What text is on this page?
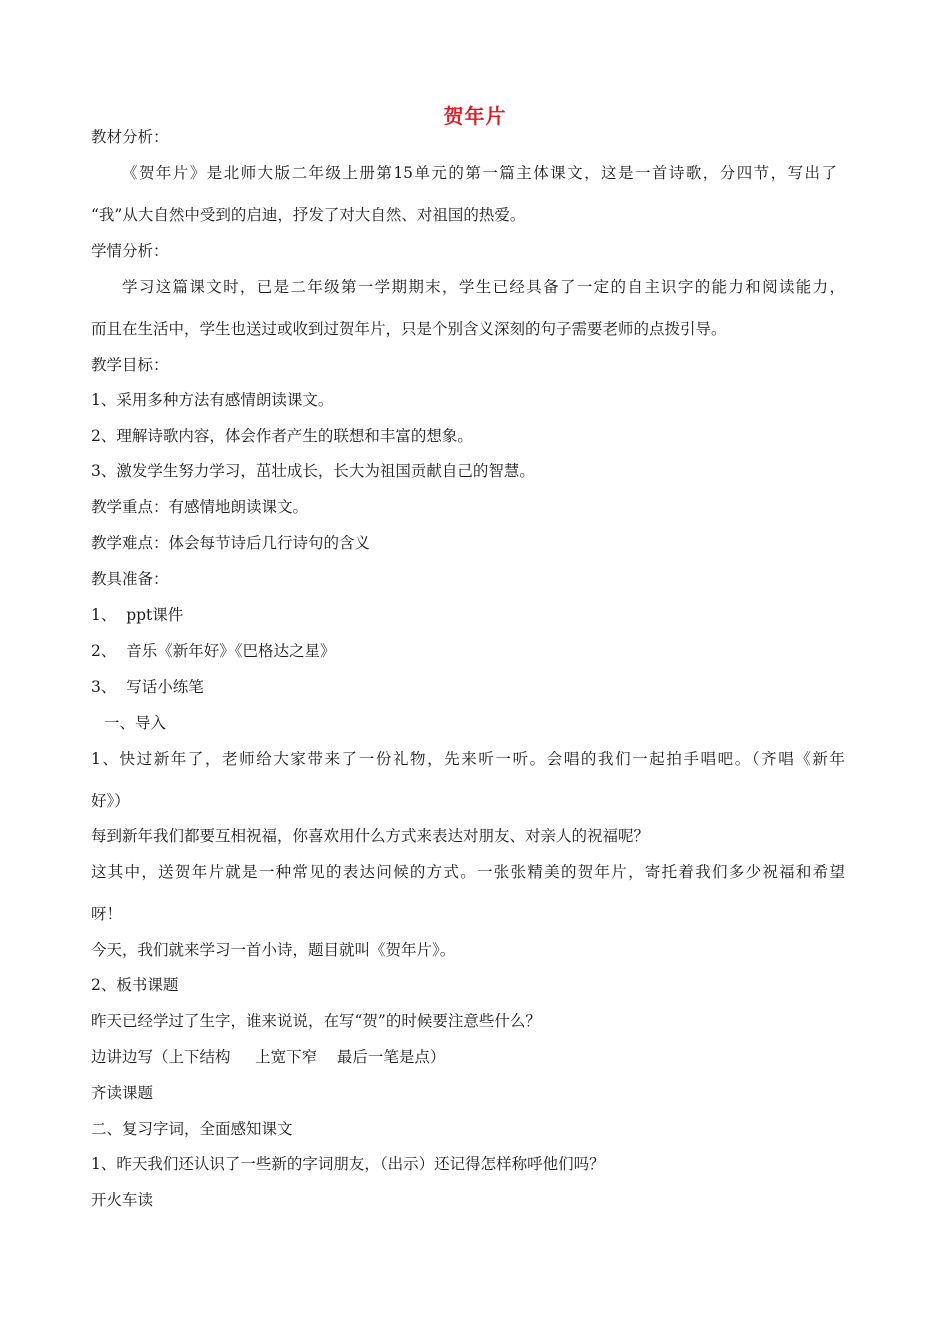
贺年片
教材分析：
《贺年片》是北师大版二年级上册第15单元的第一篇主体课文，这是一首诗歌，分四节，写出了
“我”从大自然中受到的启迪，抒发了对大自然、对祖国的热爱。
学情分析：
学习这篇课文时，已是二年级第一学期期末，学生已经具备了一定的自主识字的能力和阅读能力，
而且在生活中，学生也送过或收到过贺年片，只是个别含义深刻的句子需要老师的点拨引导。
教学目标：
1、采用多种方法有感情朗读课文。
2、理解诗歌内容，体会作者产生的联想和丰富的想象。
3、激发学生努力学习，茁壮成长，长大为祖国贡献自己的智慧。
教学重点：有感情地朗读课文。
教学难点：体会每节诗后几行诗句的含义
教具准备：
1、  ppt课件
2、  音乐《新年好》《巴格达之星》
3、  写话小练笔
一、导入
1、快过新年了，老师给大家带来了一份礼物，先来听一听。会唱的我们一起拍手唱吧。（齐唱《新年
好》）
每到新年我们都要互相祝福，你喜欢用什么方式来表达对朋友、对亲人的祝福呢？
这其中，送贺年片就是一种常见的表达问候的方式。一张张精美的贺年片，寄托着我们多少祝福和希望
呀！
今天，我们就来学习一首小诗，题目就叫《贺年片》。
2、板书课题
昨天已经学过了生字，谁来说说，在写“贺”的时候要注意些什么？
边讲边写（上下结构     上宽下窄    最后一笔是点）
齐读课题
二、复习字词，全面感知课文
1、昨天我们还认识了一些新的字词朋友，（出示）还记得怎样称呼他们吗？
开火车读
